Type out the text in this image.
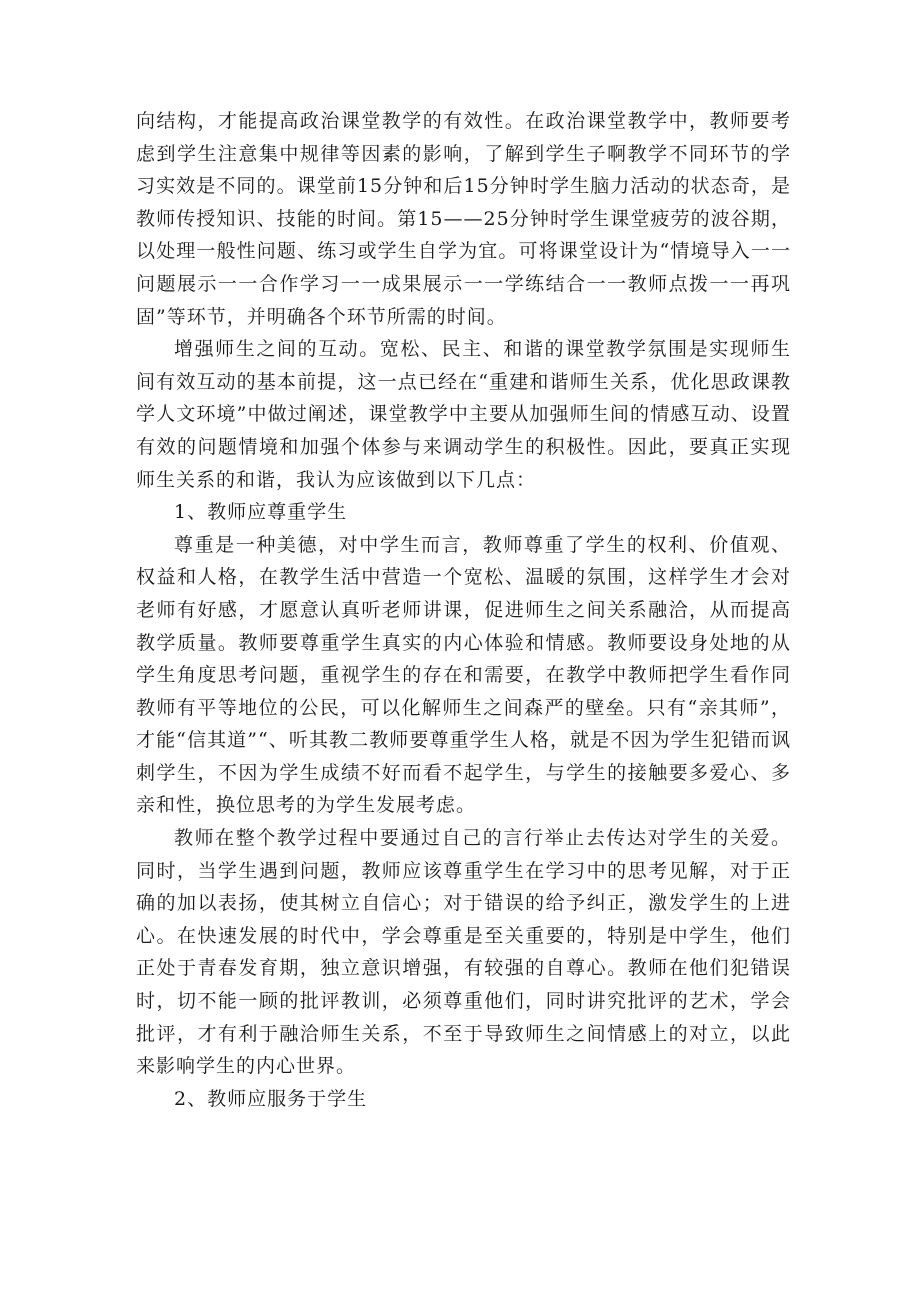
向结构，才能提高政治课堂教学的有效性。在政治课堂教学中，教师要考虑到学生注意集中规律等因素的影响，了解到学生子啊教学不同环节的学习实效是不同的。课堂前15分钟和后15分钟时学生脑力活动的状态奇，是教师传授知识、技能的时间。第15——25分钟时学生课堂疲劳的波谷期，以处理一般性问题、练习或学生自学为宜。可将课堂设计为“情境导入一一问题展示一一合作学习一一成果展示一一学练结合一一教师点拨一一再巩固”等环节，并明确各个环节所需的时间。

增强师生之间的互动。宽松、民主、和谐的课堂教学氛围是实现师生间有效互动的基本前提，这一点已经在“重建和谐师生关系，优化思政课教学人文环境”中做过阐述，课堂教学中主要从加强师生间的情感互动、设置有效的问题情境和加强个体参与来调动学生的积极性。因此，要真正实现师生关系的和谐，我认为应该做到以下几点：

1、教师应尊重学生

尊重是一种美德，对中学生而言，教师尊重了学生的权利、价值观、权益和人格，在教学生活中营造一个宽松、温暖的氛围，这样学生才会对老师有好感，才愿意认真听老师讲课，促进师生之间关系融洽，从而提高教学质量。教师要尊重学生真实的内心体验和情感。教师要设身处地的从学生角度思考问题，重视学生的存在和需要，在教学中教师把学生看作同教师有平等地位的公民，可以化解师生之间森严的壁垒。只有“亲其师”，才能“信其道”“、听其教二教师要尊重学生人格，就是不因为学生犯错而讽刺学生，不因为学生成绩不好而看不起学生，与学生的接触要多爱心、多亲和性，换位思考的为学生发展考虑。

教师在整个教学过程中要通过自己的言行举止去传达对学生的关爱。同时，当学生遇到问题，教师应该尊重学生在学习中的思考见解，对于正确的加以表扬，使其树立自信心；对于错误的给予纠正，激发学生的上进心。在快速发展的时代中，学会尊重是至关重要的，特别是中学生，他们正处于青春发育期，独立意识增强，有较强的自尊心。教师在他们犯错误时，切不能一顾的批评教训，必须尊重他们，同时讲究批评的艺术，学会批评，才有利于融洽师生关系，不至于导致师生之间情感上的对立，以此来影响学生的内心世界。

2、教师应服务于学生
